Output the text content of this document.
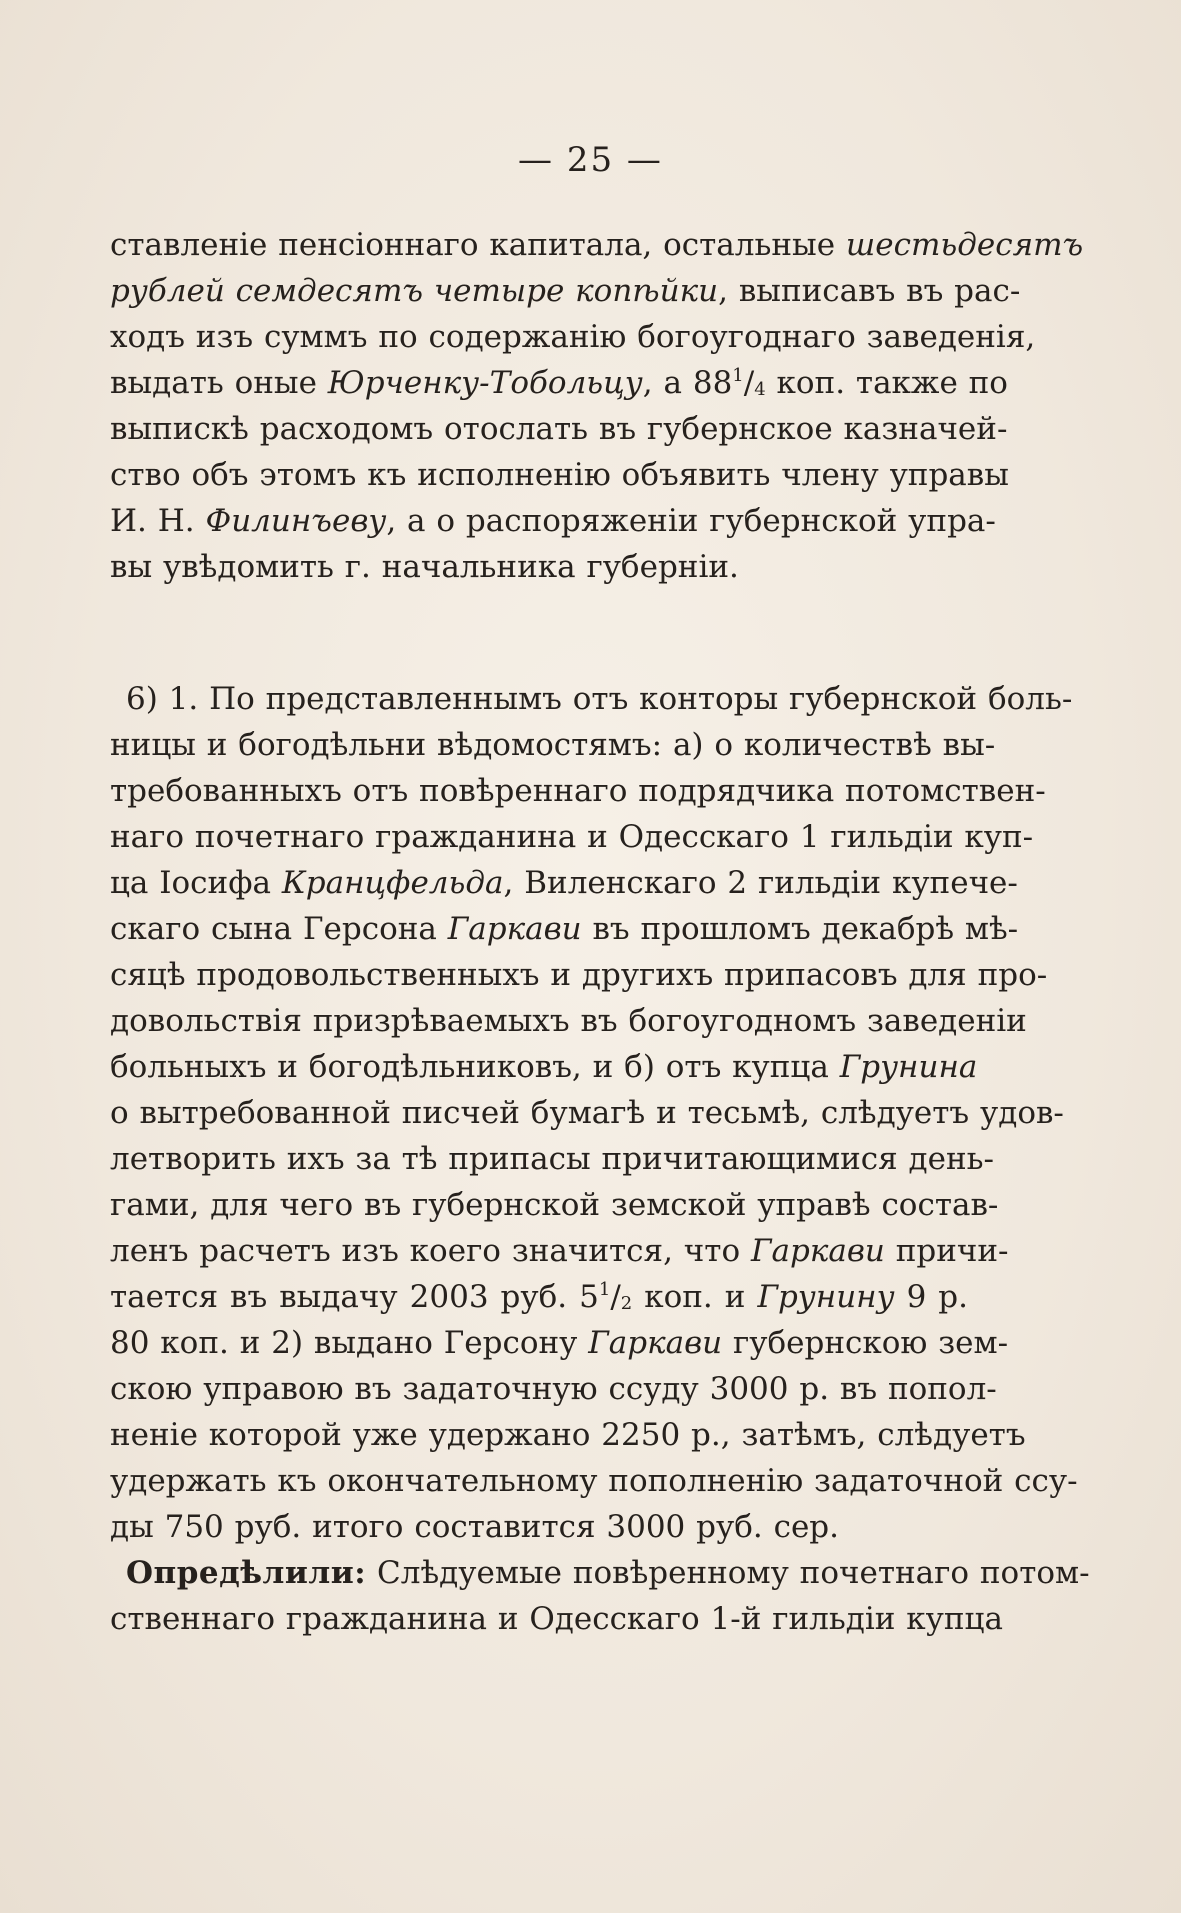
— 25 —
ставленіе пенсіоннаго капитала, остальные шестьдесятъ
рублей семдесятъ четыре копѣйки, выписавъ въ рас-
ходъ изъ суммъ по содержанію богоугоднаго заведенія,
выдать оные Юрченку-Тобольцу, а $88^1/_4$ коп. также по
выпискѣ расходомъ отослать въ губернское казначей-
ство объ этомъ къ исполненію объявить члену управы
И. Н. Филинъеву, а о распоряженіи губернской упра-
вы увѣдомить г. начальника губерніи.
6) 1. По представленнымъ отъ конторы губернской боль-
ницы и богодѣльни вѣдомостямъ: а) о количествѣ вы-
требованныхъ отъ повѣреннаго подрядчика потомствен-
наго почетнаго гражданина и Одесскаго 1 гильдіи куп-
ца Іосифа Кранцфельда, Виленскаго 2 гильдіи купече-
скаго сына Герсона Гаркави въ прошломъ декабрѣ мѣ-
сяцѣ продовольственныхъ и другихъ припасовъ для про-
довольствія призрѣваемыхъ въ богоугодномъ заведеніи
больныхъ и богодѣльниковъ, и б) отъ купца Грунина
о вытребованной писчей бумагѣ и тесьмѣ, слѣдуетъ удов-
летворить ихъ за тѣ припасы причитающимися день-
гами, для чего въ губернской земской управѣ состав-
ленъ расчетъ изъ коего значится, что Гаркави причи-
тается въ выдачу 2003 руб. $5^1/_2$ коп. и Грунину 9 р.
80 коп. и 2) выдано Герсону Гаркави губернскою зем-
скою управою въ задаточную ссуду 3000 р. въ попол-
неніе которой уже удержано 2250 р., затѣмъ, слѣдуетъ
удержать къ окончательному пополненію задаточной ссу-
ды 750 руб. итого составится 3000 руб. сер.
Опредѣлили: Слѣдуемые повѣренному почетнаго потом-
ственнаго гражданина и Одесскаго 1-й гильдіи купца
